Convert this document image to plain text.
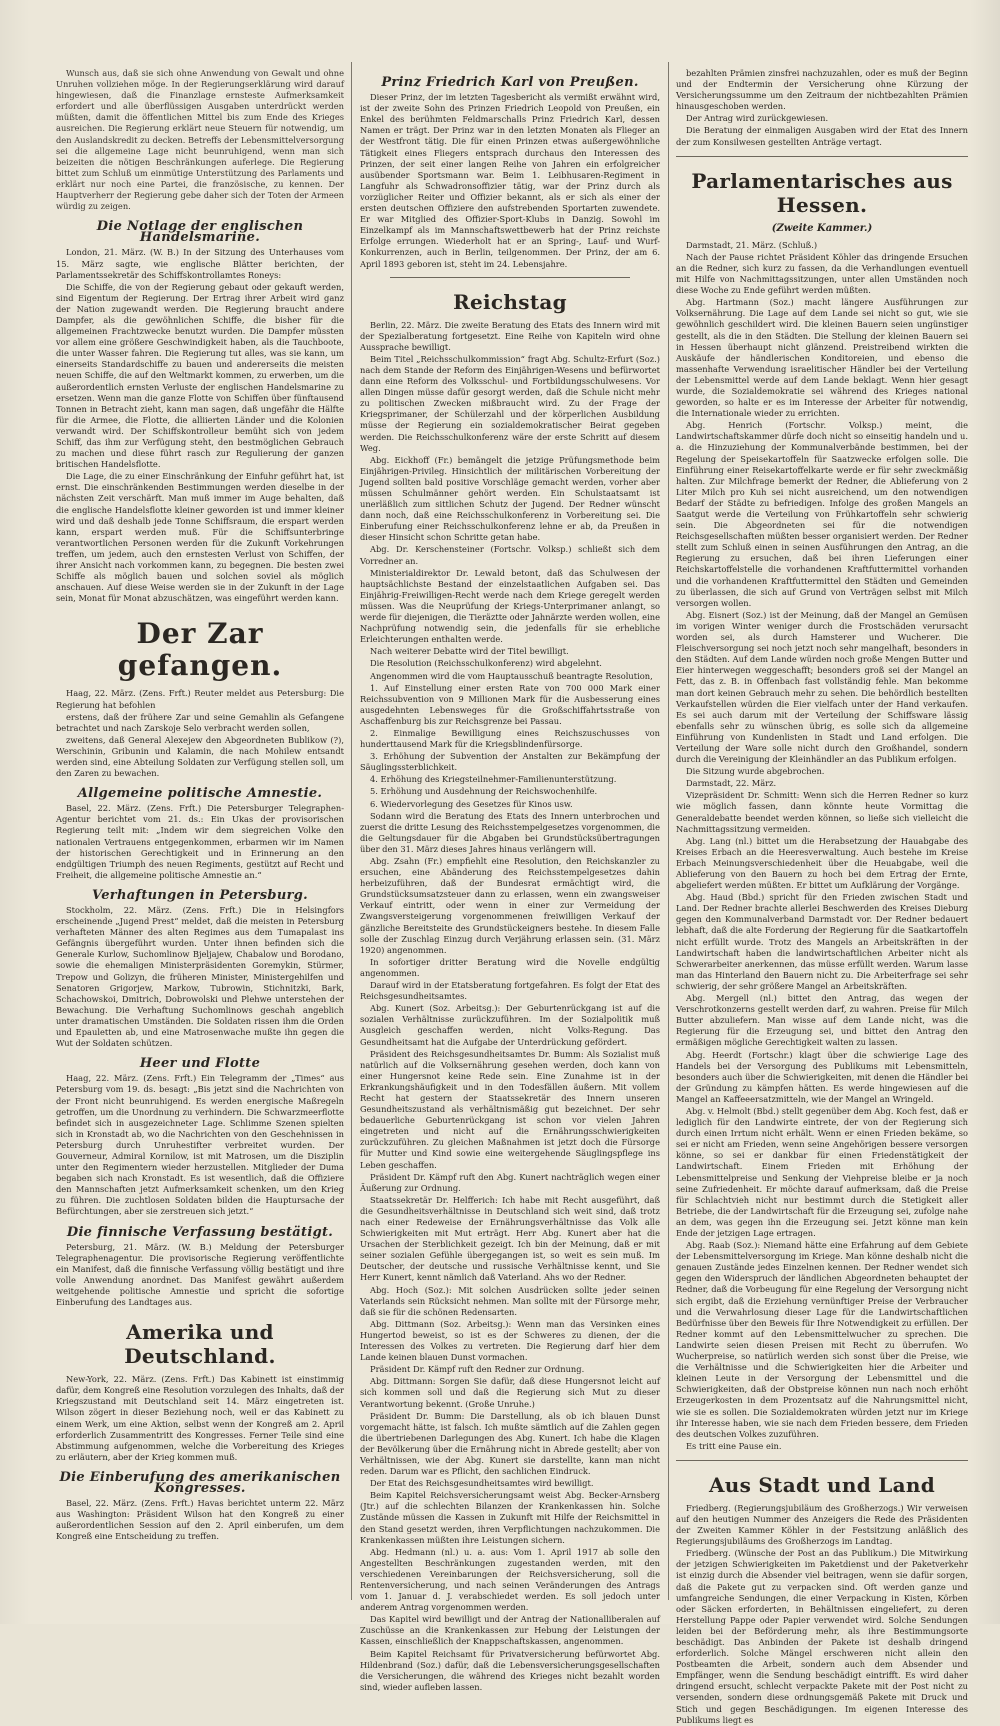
Wunsch aus, daß sie sich ohne Anwendung von Gewalt und ohne Unruhen vollziehen möge. In der Regierungserklärung wird darauf hingewiesen, daß die Finanzlage ernsteste Aufmerksamkeit erfordert und alle überflüssigen Ausgaben unterdrückt werden müßten, damit die öffentlichen Mittel bis zum Ende des Krieges ausreichen. Die Regierung erklärt neue Steuern für notwendig, um den Auslandskredit zu decken. Betreffs der Lebensmittelversorgung sei die allgemeine Lage nicht beunruhigend, wenn man sich beizeiten die nötigen Beschränkungen auferlege. Die Regierung bittet zum Schluß um einmütige Unterstützung des Parlaments und erklärt nur noch eine Partei, die französische, zu kennen. Der Hauptverherr der Regierung gebe daher sich der Toten der Armeen würdig zu zeigen.

Die Notlage der englischen Handelsmarine.

London, 21. März. (W. B.) In der Sitzung des Unterhauses vom 15. März sagte, wie englische Blätter berichten, der Parlamentssekretär des Schiffskontrollamtes Roneys:

Die Schiffe, die von der Regierung gebaut oder gekauft werden, sind Eigentum der Regierung. Der Ertrag ihrer Arbeit wird ganz der Nation zugewandt werden. Die Regierung braucht andere Dampfer, als die gewöhnlichen Schiffe, die bisher für die allgemeinen Frachtzwecke benutzt wurden. Die Dampfer müssten vor allem eine größere Geschwindigkeit haben, als die Tauchboote, die unter Wasser fahren. Die Regierung tut alles, was sie kann, um einerseits Standardschiffe zu bauen und andererseits die meisten neuen Schiffe, die auf den Weltmarkt kommen, zu erwerben, um die außerordentlich ernsten Verluste der englischen Handelsmarine zu ersetzen. Wenn man die ganze Flotte von Schiffen über fünftausend Tonnen in Betracht zieht, kann man sagen, daß ungefähr die Hälfte für die Armee, die Flotte, die alliierten Länder und die Kolonien verwandt wird. Der Schiffskontrolleur bemüht sich von jedem Schiff, das ihm zur Verfügung steht, den bestmöglichen Gebrauch zu machen und diese führt rasch zur Regulierung der ganzen britischen Handelsflotte.

Die Lage, die zu einer Einschränkung der Einfuhr geführt hat, ist ernst. Die einschränkenden Bestimmungen werden dieselbe in der nächsten Zeit verschärft. Man muß immer im Auge behalten, daß die englische Handelsflotte kleiner geworden ist und immer kleiner wird und daß deshalb jede Tonne Schiffsraum, die erspart werden kann, erspart werden muß. Für die Schiffsunterbringe verantwortlichen Personen werden für die Zukunft Vorkehrungen treffen, um jedem, auch den ernstesten Verlust von Schiffen, der ihrer Ansicht nach vorkommen kann, zu begegnen. Die besten zwei Schiffe als möglich bauen und solchen soviel als möglich anschauen. Auf diese Weise werden sie in der Zukunft in der Lage sein, Monat für Monat abzuschätzen, was eingeführt werden kann.

Der Zar gefangen.

Haag, 22. März. (Zens. Frft.) Reuter meldet aus Petersburg: Die Regierung hat befohlen

erstens, daß der frühere Zar und seine Gemahlin als Gefangene betrachtet und nach Zarskoje Selo verbracht werden sollen,

zweitens, daß General Alexejew den Abgeordneten Bublikow (?), Werschinin, Gribunin und Kalamin, die nach Mohilew entsandt werden sind, eine Abteilung Soldaten zur Verfügung stellen soll, um den Zaren zu bewachen.

Allgemeine politische Amnestie.

Basel, 22. März. (Zens. Frft.) Die Petersburger Telegraphen-Agentur berichtet vom 21. ds.: Ein Ukas der provisorischen Regierung teilt mit: „Indem wir dem siegreichen Volke den nationalen Vertrauens entgegenkommen, erbarmen wir im Namen der historischen Gerechtigkeit und in Erinnerung an den endgültigen Triumph des neuen Regiments, gestützt auf Recht und Freiheit, die allgemeine politische Amnestie an.“

Verhaftungen in Petersburg.

Stockholm, 22. März. (Zens. Frft.) Die in Helsingfors erscheinende „Jugend Prest“ meldet, daß die meisten in Petersburg verhafteten Männer des alten Regimes aus dem Tumapalast ins Gefängnis übergeführt wurden. Unter ihnen befinden sich die Generale Kurlow, Suchomlinow Bjeljajew, Chabalow und Borodano, sowie die ehemaligen Ministerpräsidenten Goremykin, Stürmer, Trepow und Golizyn, die früheren Minister, Ministergehilfen und Senatoren Grigorjew, Markow, Tubrowin, Stichnitzki, Bark, Schachowskoi, Dmitrich, Dobrowolski und Plehwe unterstehen der Bewachung. Die Verhaftung Suchomlinows geschah angeblich unter dramatischen Umständen. Die Soldaten rissen ihm die Orden und Epauletten ab, und eine Matrosenwache mußte ihn gegen die Wut der Soldaten schützen.

Heer und Flotte

Haag, 22. März. (Zens. Frft.) Ein Telegramm der „Times“ aus Petersburg vom 19. ds. besagt: „Bis jetzt sind die Nachrichten von der Front nicht beunruhigend. Es werden energische Maßregeln getroffen, um die Unordnung zu verhindern. Die Schwarzmeerflotte befindet sich in ausgezeichneter Lage. Schlimme Szenen spielten sich in Kronstadt ab, wo die Nachrichten von den Geschehnissen in Petersburg durch Unruhestifter verbreitet wurden. Der Gouverneur, Admiral Kornilow, ist mit Matrosen, um die Disziplin unter den Regimentern wieder herzustellen. Mitglieder der Duma begaben sich nach Kronstadt. Es ist wesentlich, daß die Offiziere den Mannschaften jetzt Aufmerksamkeit schenken, um den Krieg zu führen. Die zuchtlosen Soldaten bilden die Hauptursache der Befürchtungen, aber sie zerstreuen sich jetzt.“

Die finnische Verfassung bestätigt.

Petersburg, 21. März. (W. B.) Meldung der Petersburger Telegraphenagentur. Die provisorische Regierung veröffentlichte ein Manifest, daß die finnische Verfassung völlig bestätigt und ihre volle Anwendung anordnet. Das Manifest gewährt außerdem weitgehende politische Amnestie und spricht die sofortige Einberufung des Landtages aus.

Amerika und Deutschland.

New-York, 22. März. (Zens. Frft.) Das Kabinett ist einstimmig dafür, dem Kongreß eine Resolution vorzulegen des Inhalts, daß der Kriegszustand mit Deutschland seit 14. März eingetreten ist. Wilson zögert in dieser Beziehung noch, weil er das Kabinett zu einem Werk, um eine Aktion, selbst wenn der Kongreß am 2. April erforderlich Zusammentritt des Kongresses. Ferner Teile sind eine Abstimmung aufgenommen, welche die Vorbereitung des Krieges zu erläutern, aber der Krieg kommen muß.

Die Einberufung des amerikanischen Kongresses.

Basel, 22. März. (Zens. Frft.) Havas berichtet unterm 22. März aus Washington: Präsident Wilson hat den Kongreß zu einer außerordentlichen Session auf den 2. April einberufen, um dem Kongreß eine Entscheidung zu treffen.

Prinz Friedrich Karl von Preußen.

Dieser Prinz, der im letzten Tagesbericht als vermißt erwähnt wird, ist der zweite Sohn des Prinzen Friedrich Leopold von Preußen, ein Enkel des berühmten Feldmarschalls Prinz Friedrich Karl, dessen Namen er trägt. Der Prinz war in den letzten Monaten als Flieger an der Westfront tätig. Die für einen Prinzen etwas außergewöhnliche Tätigkeit eines Fliegers entsprach durchaus den Interessen des Prinzen, der seit einer langen Reihe von Jahren ein erfolgreicher ausübender Sportsmann war. Beim 1. Leibhusaren-Regiment in Langfuhr als Schwadronsoffizier tätig, war der Prinz durch als vorzüglicher Reiter und Offizier bekannt, als er sich als einer der ersten deutschen Offiziere den aufstrebenden Sportarten zuwendete. Er war Mitglied des Offizier-Sport-Klubs in Danzig. Sowohl im Einzelkampf als im Mannschaftswettbewerb hat der Prinz reichste Erfolge errungen. Wiederholt hat er an Spring-, Lauf- und Wurf-Konkurrenzen, auch in Berlin, teilgenommen. Der Prinz, der am 6. April 1893 geboren ist, steht im 24. Lebensjahre.

Reichstag

Berlin, 22. März. Die zweite Beratung des Etats des Innern wird mit der Spezialberatung fortgesetzt. Eine Reihe von Kapiteln wird ohne Aussprache bewilligt.

Beim Titel „Reichsschulkommission“ fragt Abg. Schultz-Erfurt (Soz.) nach dem Stande der Reform des Einjährigen-Wesens und befürwortet dann eine Reform des Volksschul- und Fortbildungsschulwesens. Vor allen Dingen müsse dafür gesorgt werden, daß die Schule nicht mehr zu politischen Zwecken mißbraucht wird. Zu der Frage der Kriegsprimaner, der Schülerzahl und der körperlichen Ausbildung müsse der Regierung ein sozialdemokratischer Beirat gegeben werden. Die Reichsschulkonferenz wäre der erste Schritt auf diesem Weg.

Abg. Eickhoff (Fr.) bemängelt die jetzige Prüfungsmethode beim Einjährigen-Privileg. Hinsichtlich der militärischen Vorbereitung der Jugend sollten bald positive Vorschläge gemacht werden, vorher aber müssen Schulmänner gehört werden. Ein Schulstaatsamt ist unerläßlich zum sittlichen Schutz der Jugend. Der Redner wünscht dann noch, daß eine Reichsschulkonferenz in Vorbereitung sei. Die Einberufung einer Reichsschulkonferenz lehne er ab, da Preußen in dieser Hinsicht schon Schritte getan habe.

Abg. Dr. Kerschensteiner (Fortschr. Volksp.) schließt sich dem Vorredner an.

Ministerialdirektor Dr. Lewald betont, daß das Schulwesen der hauptsächlichste Bestand der einzelstaatlichen Aufgaben sei. Das Einjährig-Freiwilligen-Recht werde nach dem Kriege geregelt werden müssen. Was die Neuprüfung der Kriegs-Unterprimaner anlangt, so werde für diejenigen, die Tieräztte oder Jahnärzte werden wollen, eine Nachprüfung notwendig sein, die jedenfalls für sie erhebliche Erleichterungen enthalten werde.

Nach weiterer Debatte wird der Titel bewilligt.

Die Resolution (Reichsschulkonferenz) wird abgelehnt.

Angenommen wird die vom Hauptausschuß beantragte Resolution,

1. Auf Einstellung einer ersten Rate von 700 000 Mark einer Reichssubvention von 9 Millionen Mark für die Ausbesserung eines ausgedehnten Lebensweges für die Großschiffahrtsstraße von Aschaffenburg bis zur Reichsgrenze bei Passau.

2. Einmalige Bewilligung eines Reichszuschusses von hunderttausend Mark für die Kriegsblindenfürsorge.

3. Erhöhung der Subvention der Anstalten zur Bekämpfung der Säuglingssterblichkeit.

4. Erhöhung des Kriegsteilnehmer-Familienunterstützung.

5. Erhöhung und Ausdehnung der Reichswochenhilfe.

6. Wiedervorlegung des Gesetzes für Kinos usw.

Sodann wird die Beratung des Etats des Innern unterbrochen und zuerst die dritte Lesung des Reichsstempelgesetzes vorgenommen, die die Geltungsdauer für die Abgaben bei Grundstücksübertragungen über den 31. März dieses Jahres hinaus verlängern will.

Abg. Zsahn (Fr.) empfiehlt eine Resolution, den Reichskanzler zu ersuchen, eine Abänderung des Reichsstempelgesetzes dahin herbeizuführen, daß der Bundesrat ermächtigt wird, die Grundstücksumsatzsteuer dann zu erlassen, wenn ein zwangsweiser Verkauf eintritt, oder wenn in einer zur Vermeidung der Zwangsversteigerung vorgenommenen freiwilligen Verkauf der gänzliche Bereitsteite des Grundstückeigners bestehe. In diesem Falle solle der Zuschlag Einzug durch Verjährung erlassen sein. (31. März 1920) angenommen.

In sofortiger dritter Beratung wird die Novelle endgültig angenommen.

Darauf wird in der Etatsberatung fortgefahren. Es folgt der Etat des Reichsgesundheitsamtes.

Abg. Kunert (Soz. Arbeitsg.): Der Geburtenrückgang ist auf die sozialen Verhältnisse zurückzuführen. Im der Sozialpolitik muß Ausgleich geschaffen werden, nicht Volks-Regung. Das Gesundheitsamt hat die Aufgabe der Unterdrückung gefördert.

Präsident des Reichsgesundheitsamtes Dr. Bumm: Als Sozialist muß natürlich auf die Volksernährung gesehen werden, doch kann von einer Hungersnot keine Rede sein. Eine Zunahme ist in der Erkrankungshäufigkeit und in den Todesfällen äußern. Mit vollem Recht hat gestern der Staatssekretär des Innern unseren Gesundheitszustand als verhältnismäßig gut bezeichnet. Der sehr bedauerliche Geburtenrückgang ist schon vor vielen Jahren eingetreten und nicht auf die Ernährungsschwierigkeiten zurückzuführen. Zu gleichen Maßnahmen ist jetzt doch die Fürsorge für Mutter und Kind sowie eine weitergehende Säuglingspflege ins Leben geschaffen.

Präsident Dr. Kämpf ruft den Abg. Kunert nachträglich wegen einer Äußerung zur Ordnung.

Staatssekretär Dr. Helfferich: Ich habe mit Recht ausgeführt, daß die Gesundheitsverhältnisse in Deutschland sich weit sind, daß trotz nach einer Redeweise der Ernährungsverhältnisse das Volk alle Schwierigkeiten mit Mut erträgt. Herr Abg. Kunert aber hat die Ursachen der Sterblichkeit gezeigt. Ich bin der Meinung, daß er mit seiner sozialen Gefühle übergegangen ist, so weit es sein muß. Im Deutscher, der deutsche und russische Verhältnisse kennt, und Sie Herr Kunert, kennt nämlich daß Vaterland. Ahs wo der Redner.

Abg. Hoch (Soz.): Mit solchen Ausdrücken sollte jeder seinen Vaterlands sein Rücksicht nehmen. Man sollte mit der Fürsorge mehr, daß sie für die schönen Redensarten.

Abg. Dittmann (Soz. Arbeitsg.): Wenn man das Versinken eines Hungertod beweist, so ist es der Schweres zu dienen, der die Interessen des Volkes zu vertreten. Die Regierung darf hier dem Lande keinen blauen Dunst vormachen.

Präsident Dr. Kämpf ruft den Redner zur Ordnung.

Abg. Dittmann: Sorgen Sie dafür, daß diese Hungersnot leicht auf sich kommen soll und daß die Regierung sich Mut zu dieser Verantwortung bekennt. (Große Unruhe.)

Präsident Dr. Bumm: Die Darstellung, als ob ich blauen Dunst vorgemacht hätte, ist falsch. Ich mußte sämtlich auf die Zahlen gegen die übertriebenen Darlegungen des Abg. Kunert. Ich habe die Klagen der Bevölkerung über die Ernährung nicht in Abrede gestellt; aber von Verhältnissen, wie der Abg. Kunert sie darstellte, kann man nicht reden. Darum war es Pflicht, den sachlichen Eindruck.

Der Etat des Reichsgesundheitsamtes wird bewilligt.

Beim Kapitel Reichsversicherungsamt weist Abg. Becker-Arnsberg (Jtr.) auf die schlechten Bilanzen der Krankenkassen hin. Solche Zustände müssen die Kassen in Zukunft mit Hilfe der Reichsmittel in den Stand gesetzt werden, ihren Verpflichtungen nachzukommen. Die Krankenkassen müßten ihre Leistungen sichern.

Abg. Hedmann (nl.) u. a. aus: Vom 1. April 1917 ab solle den Angestellten Beschränkungen zugestanden werden, mit den verschiedenen Vereinbarungen der Reichsversicherung, soll die Rentenversicherung, und nach seinen Veränderungen des Antrags vom 1. Januar d. J. verabschiedet werden. Es soll jedoch unter anderem Antrag vorgenommen werden.

Das Kapitel wird bewilligt und der Antrag der Nationalliberalen auf Zuschüsse an die Krankenkassen zur Hebung der Leistungen der Kassen, einschließlich der Knappschaftskassen, angenommen.

Beim Kapitel Reichsamt für Privatversicherung befürwortet Abg. Hildenbrand (Soz.) dafür, daß die Lebensversicherungsgesellschaften die Versicherungen, die während des Krieges nicht bezahlt worden sind, wieder aufleben lassen.

bezahlten Prämien zinsfrei nachzuzahlen, oder es muß der Beginn und der Endtermin der Versicherung ohne Kürzung der Versicherungssumme um den Zeitraum der nichtbezahlten Prämien hinausgeschoben werden.

Der Antrag wird zurückgewiesen.

Die Beratung der einmaligen Ausgaben wird der Etat des Innern der zum Konsilwesen gestellten Anträge vertagt.

Parlamentarisches aus Hessen.
(Zweite Kammer.)

Darmstadt, 21. März. (Schluß.)

Nach der Pause richtet Präsident Köhler das dringende Ersuchen an die Redner, sich kurz zu fassen, da die Verhandlungen eventuell mit Hilfe von Nachmittagssitzungen, unter allen Umständen noch diese Woche zu Ende geführt werden müßten.

Abg. Hartmann (Soz.) macht längere Ausführungen zur Volksernährung. Die Lage auf dem Lande sei nicht so gut, wie sie gewöhnlich geschildert wird. Die kleinen Bauern seien ungünstiger gestellt, als die in den Städten. Die Stellung der kleinen Bauern sei in Hessen überhaupt nicht glänzend. Preistreibend wirkten die Auskäufe der händlerischen Konditoreien, und ebenso die massenhafte Verwendung israelitischer Händler bei der Verteilung der Lebensmittel werde auf dem Lande beklagt. Wenn hier gesagt wurde, die Sozialdemokratie sei während des Krieges national geworden, so halte er es im Interesse der Arbeiter für notwendig, die Internationale wieder zu errichten.

Abg. Henrich (Fortschr. Volksp.) meint, die Landwirtschaftskammer dürfe doch nicht so einseitig handeln und u. a. die Hinzuziehung der Kommunalverbände bestimmen, bei der Regelung der Speisekartoffeln für Saatzwecke erfolgen solle. Die Einführung einer Reisekartoffelkarte werde er für sehr zweckmäßig halten. Zur Milchfrage bemerkt der Redner, die Ablieferung von 2 Liter Milch pro Kuh sei nicht ausreichend, um den notwendigen Bedarf der Städte zu befriedigen. Infolge des großen Mangels an Saatgut werde die Verteilung von Frühkartoffeln sehr schwierig sein. Die Abgeordneten sei für die notwendigen Reichsgesellschaften müßten besser organisiert werden. Der Redner stellt zum Schluß einen in seinen Ausführungen den Antrag, an die Regierung zu ersuchen, daß bei ihren Lieferungen einer Reichskartoffelstelle die vorhandenen Kraftfuttermittel vorhanden und die vorhandenen Kraftfuttermittel den Städten und Gemeinden zu überlassen, die sich auf Grund von Verträgen selbst mit Milch versorgen wollen.

Abg. Eisnert (Soz.) ist der Meinung, daß der Mangel an Gemüsen im vorigen Winter weniger durch die Frostschäden verursacht worden sei, als durch Hamsterer und Wucherer. Die Fleischversorgung sei noch jetzt noch sehr mangelhaft, besonders in den Städten. Auf dem Lande würden noch große Mengen Butter und Eier hinterwegen weggeschafft; besonders groß sei der Mangel an Fett, das z. B. in Offenbach fast vollständig fehle. Man bekomme man dort keinen Gebrauch mehr zu sehen. Die behördlich bestellten Verkaufstellen würden die Eier vielfach unter der Hand verkaufen. Es sei auch darum mit der Verteilung der Schiffsware lässig ebenfalls sehr zu wünschen übrig, es solle sich da allgemeine Einführung von Kundenlisten in Stadt und Land erfolgen. Die Verteilung der Ware solle nicht durch den Großhandel, sondern durch die Vereinigung der Kleinhändler an das Publikum erfolgen.

Die Sitzung wurde abgebrochen.

Darmstadt, 22. März.

Vizepräsident Dr. Schmitt: Wenn sich die Herren Redner so kurz wie möglich fassen, dann könnte heute Vormittag die Generaldebatte beendet werden können, so ließe sich vielleicht die Nachmittagssitzung vermeiden.

Abg. Lang (nl.) bittet um die Herabsetzung der Hauabgabe des Kreises Erbach an die Heeresverwaltung. Auch bestehe im Kreise Erbach Meinungsverschiedenheit über die Heuabgabe, weil die Ablieferung von den Bauern zu hoch bei dem Ertrag der Ernte, abgeliefert werden müßten. Er bittet um Aufklärung der Vorgänge.

Abg. Haud (Bbd.) spricht für den Frieden zwischen Stadt und Land. Der Redner brachte allerlei Beschwerden des Kreises Dieburg gegen den Kommunalverband Darmstadt vor. Der Redner bedauert lebhaft, daß die alte Forderung der Regierung für die Saatkartoffeln nicht erfüllt wurde. Trotz des Mangels an Arbeitskräften in der Landwirtschaft haben die landwirtschaftlichen Arbeiter nicht als Schwerarbeiter anerkennen, das müsse erfüllt werden. Warum lasse man das Hinterland den Bauern nicht zu. Die Arbeiterfrage sei sehr schwierig, der sehr größere Mangel an Arbeitskräften.

Abg. Mergell (nl.) bittet den Antrag, das wegen der Verschrotkonzerns gestellt werden darf, zu wahren. Preise für Milch Butter abzuliefern. Man wisse auf dem Lande nicht, was die Regierung für die Erzeugung sei, und bittet den Antrag den ermäßigen mögliche Gerechtigkeit walten zu lassen.

Abg. Heerdt (Fortschr.) klagt über die schwierige Lage des Handels bei der Versorgung des Publikums mit Lebensmitteln, besonders auch über die Schwierigkeiten, mit denen die Händler bei der Gründung zu kämpfen hätten. Es werde hingewiesen auf die Mangel an Kaffeeersatzmitteln, wie der Mangel an Wringeld.

Abg. v. Helmolt (Bbd.) stellt gegenüber dem Abg. Koch fest, daß er lediglich für den Landwirte eintrete, der von der Regierung sich durch einen Irrtum nicht erhält. Wenn er einen Frieden bekäme, so sei er nicht am Frieden, wenn seine Angehörigen bessere versorgen könne, so sei er dankbar für einen Friedenstätigkeit der Landwirtschaft. Einem Frieden mit Erhöhung der Lebensmittelpreise und Senkung der Viehpreise bleibe er ja noch seine Zufriedenheit. Er möchte darauf aufmerksam, daß die Preise für Schlachtvieh nicht nur bestimmt durch die Stetigkeit aller Betriebe, die der Landwirtschaft für die Erzeugung sei, zufolge nahe an dem, was gegen ihn die Erzeugung sei. Jetzt könne man kein Ende der jetzigen Lage ertragen.

Abg. Raab (Soz.): Niemand hätte eine Erfahrung auf dem Gebiete der Lebensmittelversorgung im Kriege. Man könne deshalb nicht die genauen Zustände jedes Einzelnen kennen. Der Redner wendet sich gegen den Widerspruch der ländlichen Abgeordneten behauptet der Redner, daß die Vorbeugung für eine Regelung der Versorgung nicht sich ergibt, daß die Erziehung vernünftiger Preise der Verbraucher und die Verwahrlosung dieser Lage für die Landwirtschaftlichen Bedürfnisse über den Beweis für Ihre Notwendigkeit zu erfüllen. Der Redner kommt auf den Lebensmittelwucher zu sprechen. Die Landwirte seien diesen Preisen mit Recht zu überrufen. Wo Wucherpreise, so natürlich werden sich sonst über die Preise, wie die Verhältnisse und die Schwierigkeiten hier die Arbeiter und kleinen Leute in der Versorgung der Lebensmittel und die Schwierigkeiten, daß der Obstpreise können nun nach noch erhöht Erzeugerkosten in dem Prozentsatz auf die Nahrungsmittel nicht, wie sie es sollen. Die Sozialdemokraten würden jetzt nur im Kriege ihr Interesse haben, wie sie nach dem Frieden bessere, dem Frieden des deutschen Volkes zuzuführen.

Es tritt eine Pause ein.

Aus Stadt und Land

Friedberg. (Regierungsjubiläum des Großherzogs.) Wir verweisen auf den heutigen Nummer des Anzeigers die Rede des Präsidenten der Zweiten Kammer Köhler in der Festsitzung anläßlich des Regierungsjubiläums des Großherzogs im Landtag.

Friedberg. (Wünsche der Post an das Publikum.) Die Mitwirkung der jetzigen Schwierigkeiten im Paketdienst und der Paketverkehr ist einzig durch die Absender viel beitragen, wenn sie dafür sorgen, daß die Pakete gut zu verpacken sind. Oft werden ganze und umfangreiche Sendungen, die einer Verpackung in Kisten, Körben oder Säcken erforderten, in Behältnissen eingeliefert, zu deren Herstellung Pappe oder Papier verwendet wird. Solche Sendungen leiden bei der Beförderung mehr, als ihre Bestimmungsorte beschädigt. Das Anbinden der Pakete ist deshalb dringend erforderlich. Solche Mängel erschweren nicht allein den Postbeamten die Arbeit, sondern auch dem Absender und Empfänger, wenn die Sendung beschädigt eintrifft. Es wird daher dringend ersucht, schlecht verpackte Pakete mit der Post nicht zu versenden, sondern diese ordnungsgemäß Pakete mit Druck und Stich und gegen Beschädigungen. Im eigenen Interesse des Publikums liegt es
